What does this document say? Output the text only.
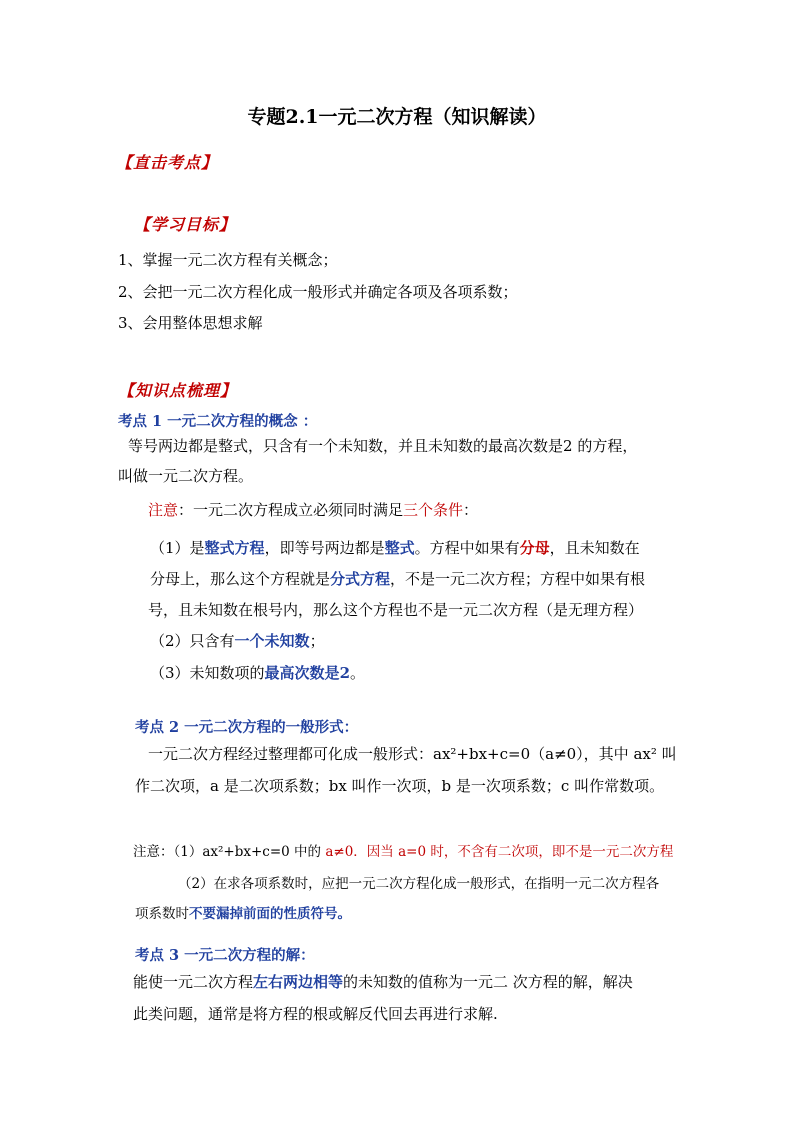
专题2.1一元二次方程（知识解读）
【直击考点】
【学习目标】
1、掌握一元二次方程有关概念；
2、会把一元二次方程化成一般形式并确定各项及各项系数；
3、会用整体思想求解
【知识点梳理】
考点 1 一元二次方程的概念 ：
等号两边都是整式，只含有一个未知数，并且未知数的最高次数是2 的方程，
叫做一元二次方程。
注意：一元二次方程成立必须同时满足三个条件：
（1）是整式方程，即等号两边都是整式。方程中如果有分母，且未知数在
分母上，那么这个方程就是分式方程，不是一元二次方程；方程中如果有根
号，且未知数在根号内，那么这个方程也不是一元二次方程（是无理方程）
（2）只含有一个未知数；
（3）未知数项的最高次数是2。
考点 2 一元二次方程的一般形式：
一元二次方程经过整理都可化成一般形式：ax²+bx+c=0（a≠0），其中 ax² 叫
作二次项，a 是二次项系数；bx 叫作一次项，b 是一次项系数；c 叫作常数项。
注意：（1）ax²+bx+c=0 中的 a≠0．因当 a=0 时，不含有二次项，即不是一元二次方程
（2）在求各项系数时，应把一元二次方程化成一般形式，在指明一元二次方程各
项系数时不要漏掉前面的性质符号。
考点 3 一元二次方程的解：
能使一元二次方程左右两边相等的未知数的值称为一元二 次方程的解，解决
此类问题，通常是将方程的根或解反代回去再进行求解.
